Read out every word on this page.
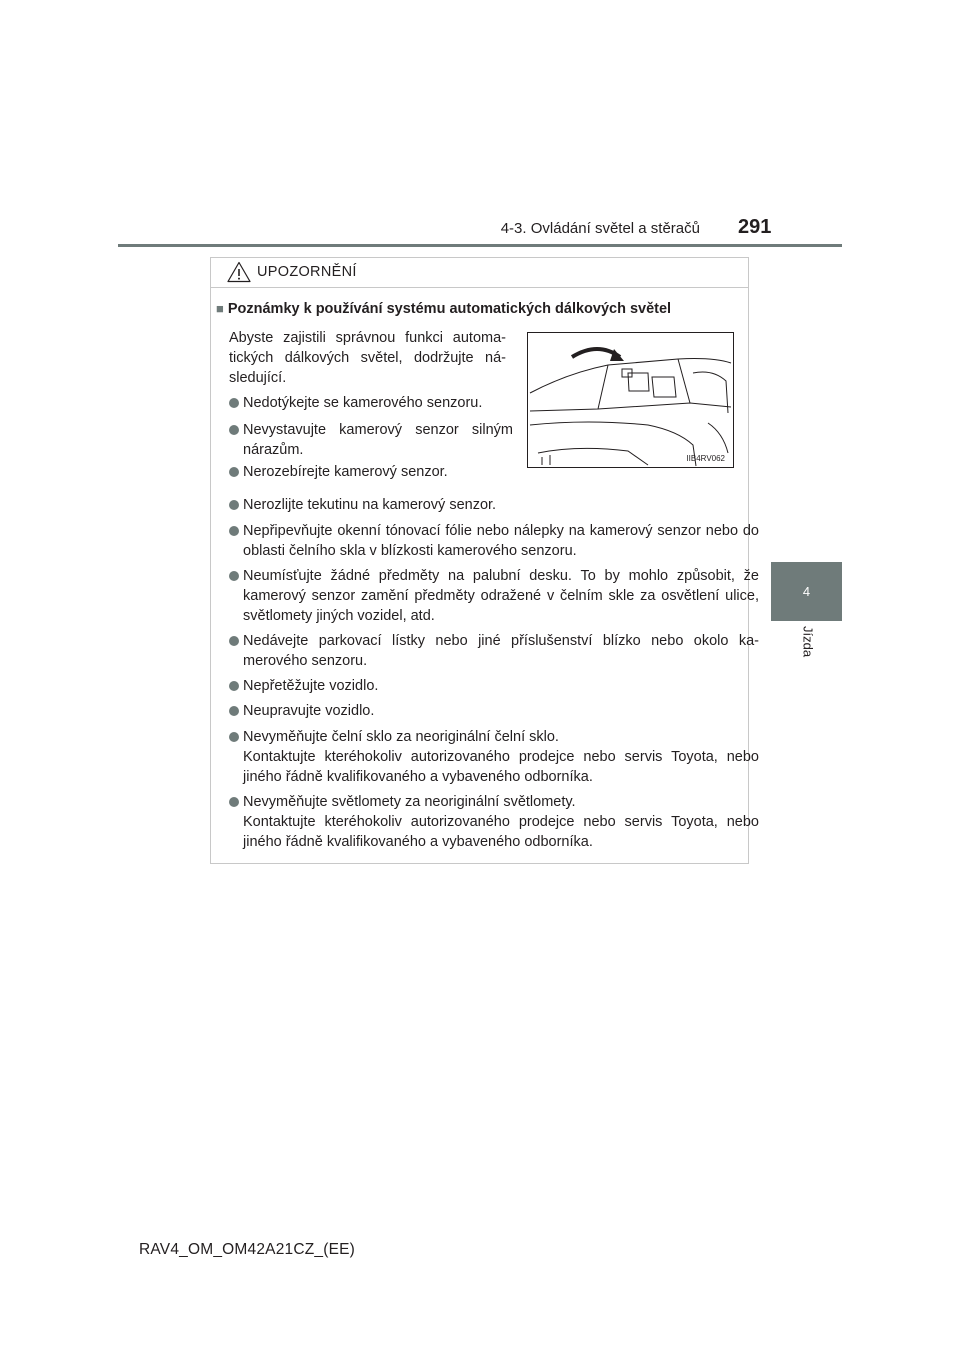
4-3. Ovládání světel a stěračů 291
4
Jízda
UPOZORNĚNÍ
■ Poznámky k používání systému automatických dálkových světel
Abyste zajistili správnou funkci automa-tických dálkových světel, dodržujte ná-sledující.
IIB4RV062
Nedotýkejte se kamerového senzoru.
Nevystavujte kamerový senzor silným nárazům.
Nerozebírejte kamerový senzor.
Nerozlijte tekutinu na kamerový senzor.
Nepřipevňujte okenní tónovací fólie nebo nálepky na kamerový senzor nebo do oblasti čelního skla v blízkosti kamerového senzoru.
Neumísťujte žádné předměty na palubní desku. To by mohlo způsobit, že kamerový senzor zamění předměty odražené v čelním skle za osvětlení ulice, světlomety jiných vozidel, atd.
Nedávejte parkovací lístky nebo jiné příslušenství blízko nebo okolo ka-merového senzoru.
Nepřetěžujte vozidlo.
Neupravujte vozidlo.
Nevyměňujte čelní sklo za neoriginální čelní sklo.
Kontaktujte kteréhokoliv autorizovaného prodejce nebo servis Toyota, nebo jiného řádně kvalifikovaného a vybaveného odborníka.
Nevyměňujte světlomety za neoriginální světlomety.
Kontaktujte kteréhokoliv autorizovaného prodejce nebo servis Toyota, nebo jiného řádně kvalifikovaného a vybaveného odborníka.
RAV4_OM_OM42A21CZ_(EE)
